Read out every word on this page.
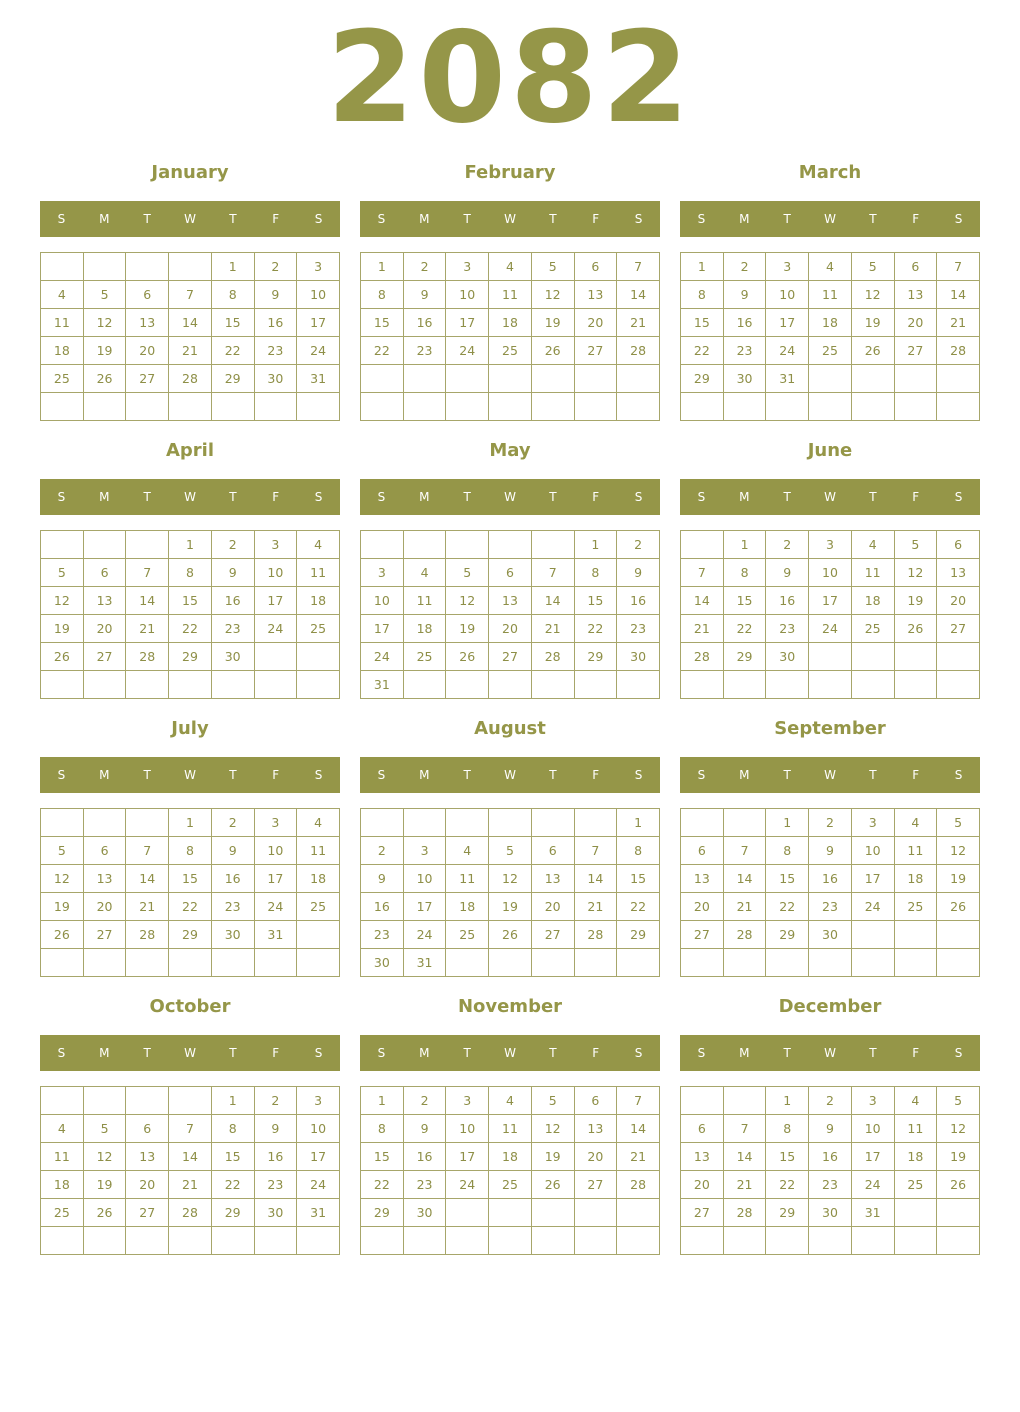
2082
January
S	M	T	W	T	F	S
				1	2	3
4	5	6	7	8	9	10
11	12	13	14	15	16	17
18	19	20	21	22	23	24
25	26	27	28	29	30	31

February
S	M	T	W	T	F	S
1	2	3	4	5	6	7
8	9	10	11	12	13	14
15	16	17	18	19	20	21
22	23	24	25	26	27	28

March
S	M	T	W	T	F	S
1	2	3	4	5	6	7
8	9	10	11	12	13	14
15	16	17	18	19	20	21
22	23	24	25	26	27	28
29	30	31				

April
S	M	T	W	T	F	S
			1	2	3	4
5	6	7	8	9	10	11
12	13	14	15	16	17	18
19	20	21	22	23	24	25
26	27	28	29	30		

May
S	M	T	W	T	F	S
					1	2
3	4	5	6	7	8	9
10	11	12	13	14	15	16
17	18	19	20	21	22	23
24	25	26	27	28	29	30
31						
June
S	M	T	W	T	F	S
	1	2	3	4	5	6
7	8	9	10	11	12	13
14	15	16	17	18	19	20
21	22	23	24	25	26	27
28	29	30				

July
S	M	T	W	T	F	S
			1	2	3	4
5	6	7	8	9	10	11
12	13	14	15	16	17	18
19	20	21	22	23	24	25
26	27	28	29	30	31	

August
S	M	T	W	T	F	S
						1
2	3	4	5	6	7	8
9	10	11	12	13	14	15
16	17	18	19	20	21	22
23	24	25	26	27	28	29
30	31					
September
S	M	T	W	T	F	S
		1	2	3	4	5
6	7	8	9	10	11	12
13	14	15	16	17	18	19
20	21	22	23	24	25	26
27	28	29	30			

October
S	M	T	W	T	F	S
				1	2	3
4	5	6	7	8	9	10
11	12	13	14	15	16	17
18	19	20	21	22	23	24
25	26	27	28	29	30	31

November
S	M	T	W	T	F	S
1	2	3	4	5	6	7
8	9	10	11	12	13	14
15	16	17	18	19	20	21
22	23	24	25	26	27	28
29	30					

December
S	M	T	W	T	F	S
		1	2	3	4	5
6	7	8	9	10	11	12
13	14	15	16	17	18	19
20	21	22	23	24	25	26
27	28	29	30	31		
